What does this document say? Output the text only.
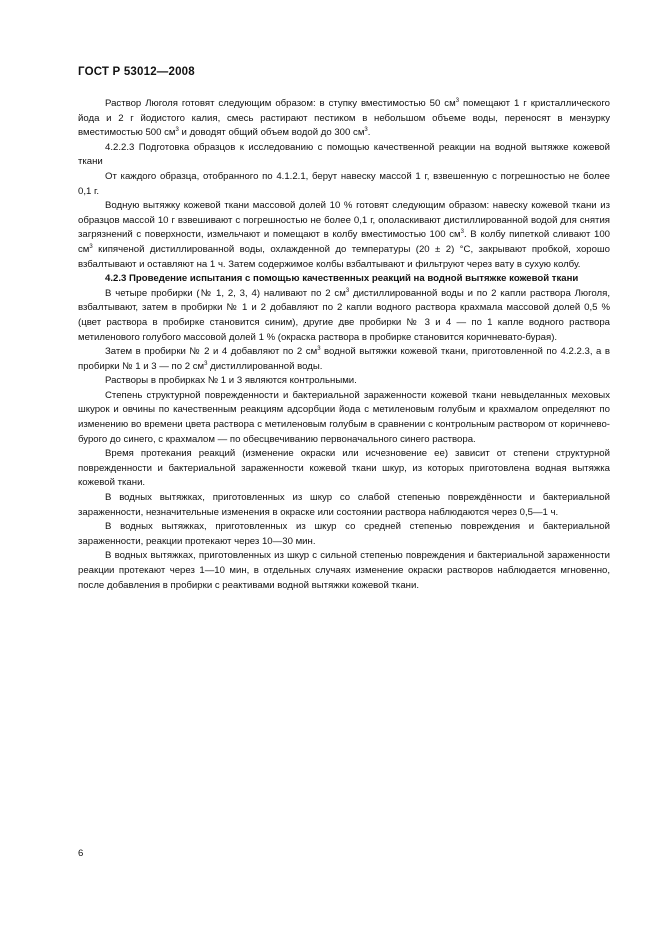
ГОСТ Р 53012—2008

Раствор Люголя готовят следующим образом: в ступку вместимостью 50 $см^3$ помещают 1 г кристаллического йода и 2 г йодистого калия, смесь растирают пестиком в небольшом объеме воды, переносят в мензурку вместимостью 500 $см^3$ и доводят общий объем водой до 300 $см^3$.

4.2.2.3 Подготовка образцов к исследованию с помощью качественной реакции на водной вытяжке кожевой ткани

От каждого образца, отобранного по 4.1.2.1, берут навеску массой 1 г, взвешенную с погрешностью не более 0,1 г.

Водную вытяжку кожевой ткани массовой долей 10 % готовят следующим образом: навеску кожевой ткани из образцов массой 10 г взвешивают с погрешностью не более 0,1 г, ополаскивают дистиллированной водой для снятия загрязнений с поверхности, измельчают и помещают в колбу вместимостью 100 $см^3$. В колбу пипеткой сливают 100 $см^3$ кипяченой дистиллированной воды, охлажденной до температуры (20 ± 2) °С, закрывают пробкой, хорошо взбалтывают и оставляют на 1 ч. Затем содержимое колбы взбалтывают и фильтруют через вату в сухую колбу.

4.2.3 Проведение испытания с помощью качественных реакций на водной вытяжке кожевой ткани

В четыре пробирки (№ 1, 2, 3, 4) наливают по 2 $см^3$ дистиллированной воды и по 2 капли раствора Люголя, взбалтывают, затем в пробирки № 1 и 2 добавляют по 2 капли водного раствора крахмала массовой долей 0,5 % (цвет раствора в пробирке становится синим), другие две пробирки № 3 и 4 — по 1 капле водного раствора метиленового голубого массовой долей 1 % (окраска раствора в пробирке становится коричневато-бурая).

Затем в пробирки № 2 и 4 добавляют по 2 $см^3$ водной вытяжки кожевой ткани, приготовленной по 4.2.2.3, а в пробирки № 1 и 3 — по 2 $см^3$ дистиллированной воды.

Растворы в пробирках № 1 и 3 являются контрольными.

Степень структурной поврежденности и бактериальной зараженности кожевой ткани невыделанных меховых шкурок и овчины по качественным реакциям адсорбции йода с метиленовым голубым и крахмалом определяют по изменению во времени цвета раствора с метиленовым голубым в сравнении с контрольным раствором от коричнево-бурого до синего, с крахмалом — по обесцвечиванию первоначального синего раствора.

Время протекания реакций (изменение окраски или исчезновение ее) зависит от степени структурной поврежденности и бактериальной зараженности кожевой ткани шкур, из которых приготовлена водная вытяжка кожевой ткани.

В водных вытяжках, приготовленных из шкур со слабой степенью повреждённости и бактериальной зараженности, незначительные изменения в окраске или состоянии раствора наблюдаются через 0,5—1 ч.

В водных вытяжках, приготовленных из шкур со средней степенью повреждения и бактериальной зараженности, реакции протекают через 10—30 мин.

В водных вытяжках, приготовленных из шкур с сильной степенью повреждения и бактериальной зараженности реакции протекают через 1—10 мин, в отдельных случаях изменение окраски растворов наблюдается мгновенно, после добавления в пробирки с реактивами водной вытяжки кожевой ткани.

6
